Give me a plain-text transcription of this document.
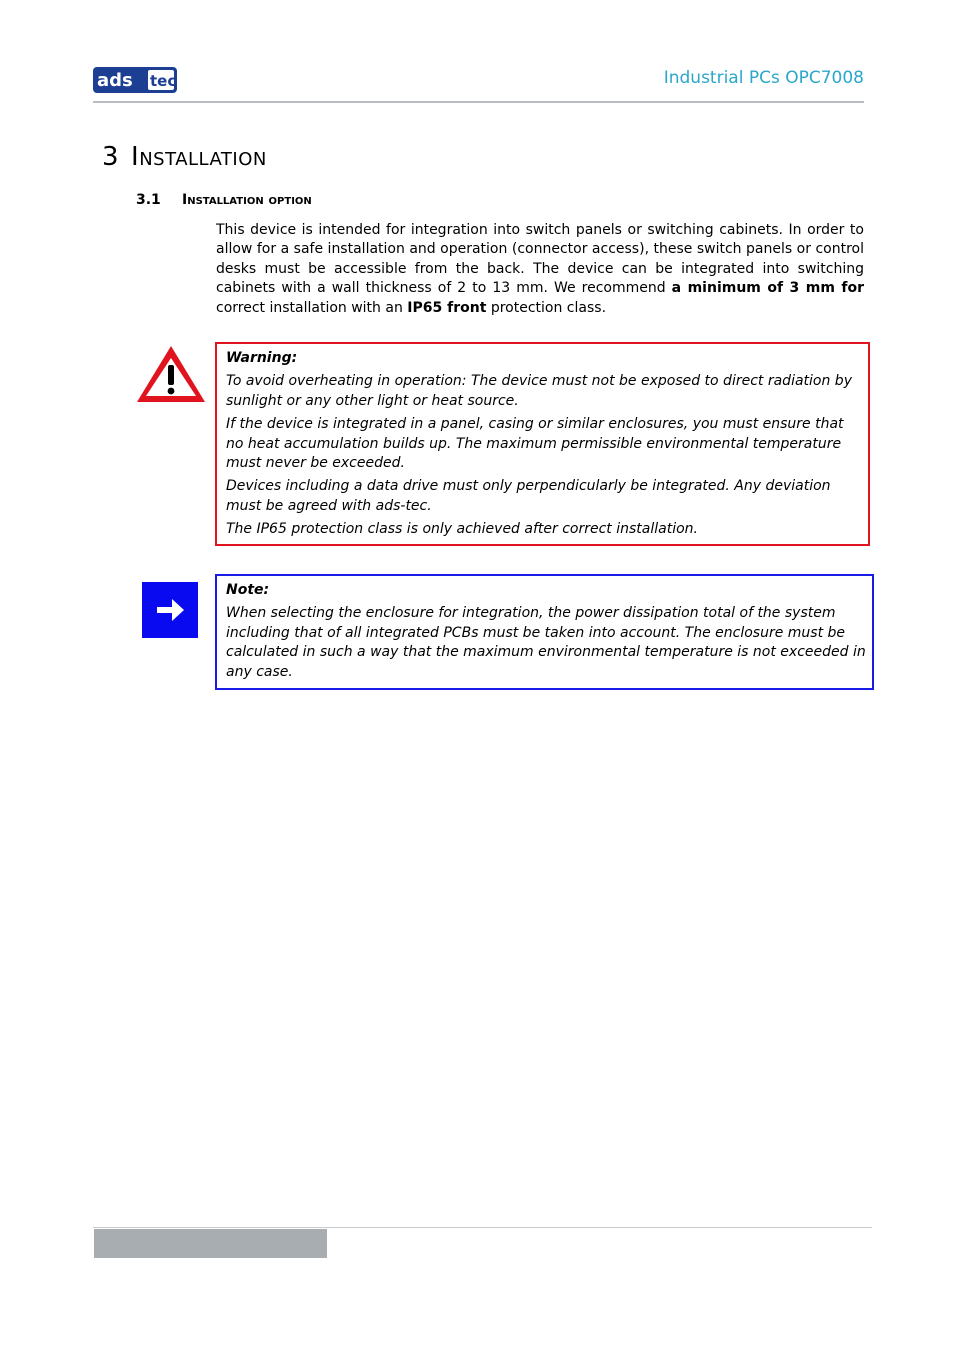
ads tec	Industrial PCs OPC7008
3 Installation
3.1 Installation option

This device is intended for integration into switch panels or switching cabinets. In order to allow for a safe installation and operation (connector access), these switch panels or control desks must be accessible from the back. The device can be integrated into switching cabinets with a wall thickness of 2 to 13 mm. We recommend a minimum of 3 mm for correct installation with an IP65 front protection class.

Warning:

To avoid overheating in operation: The device must not be exposed to direct radiation by sunlight or any other light or heat source.

If the device is integrated in a panel, casing or similar enclosures, you must ensure that no heat accumulation builds up. The maximum permissible environmental temperature must never be exceeded.

Devices including a data drive must only perpendicularly be integrated. Any deviation must be agreed with ads-tec.

The IP65 protection class is only achieved after correct installation.

Note:

When selecting the enclosure for integration, the power dissipation total of the system including that of all integrated PCBs must be taken into account. The enclosure must be calculated in such a way that the maximum environmental temperature is not exceeded in any case.
